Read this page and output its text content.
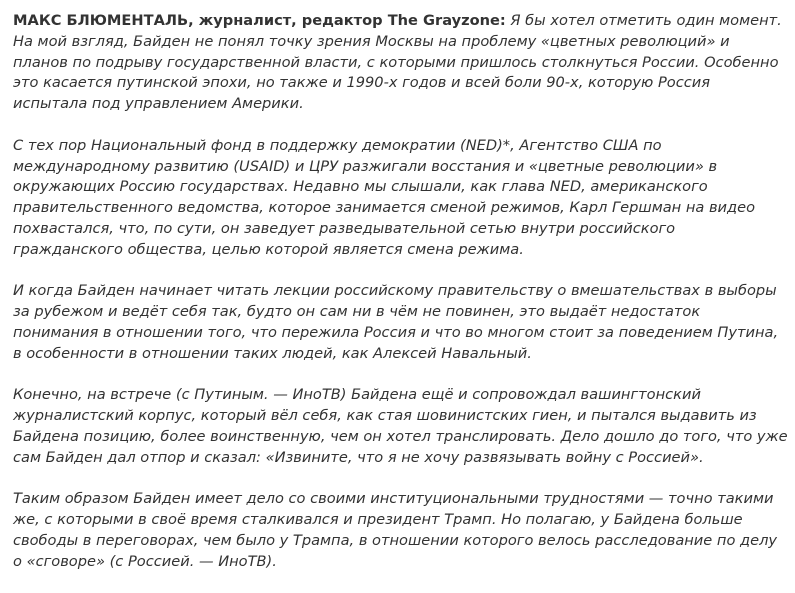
МАКС БЛЮМЕНТАЛЬ, журналист, редактор The Grayzone: Я бы хотел отметить один момент. На мой взгляд, Байден не понял точку зрения Москвы на проблему «цветных революций» и планов по подрыву государственной власти, с которыми пришлось столкнуться России. Особенно это касается путинской эпохи, но также и 1990-х годов и всей боли 90-х, которую Россия испытала под управлением Америки.

С тех пор Национальный фонд в поддержку демократии (NED)*, Агентство США по международному развитию (USAID) и ЦРУ разжигали восстания и «цветные революции» в окружающих Россию государствах. Недавно мы слышали, как глава NED, американского правительственного ведомства, которое занимается сменой режимов, Карл Гершман на видео похвастался, что, по сути, он заведует разведывательной сетью внутри российского гражданского общества, целью которой является смена режима.

И когда Байден начинает читать лекции российскому правительству о вмешательствах в выборы за рубежом и ведёт себя так, будто он сам ни в чём не повинен, это выдаёт недостаток понимания в отношении того, что пережила Россия и что во многом стоит за поведением Путина, в особенности в отношении таких людей, как Алексей Навальный.

Конечно, на встрече (с Путиным. — ИноТВ) Байдена ещё и сопровождал вашингтонский журналистский корпус, который вёл себя, как стая шовинистских гиен, и пытался выдавить из Байдена позицию, более воинственную, чем он хотел транслировать. Дело дошло до того, что уже сам Байден дал отпор и сказал: «Извините, что я не хочу развязывать войну с Россией».

Таким образом Байден имеет дело со своими институциональными трудностями — точно такими же, с которыми в своё время сталкивался и президент Трамп. Но полагаю, у Байдена больше свободы в переговорах, чем было у Трампа, в отношении которого велось расследование по делу о «сговоре» (с Россией. — ИноТВ).
